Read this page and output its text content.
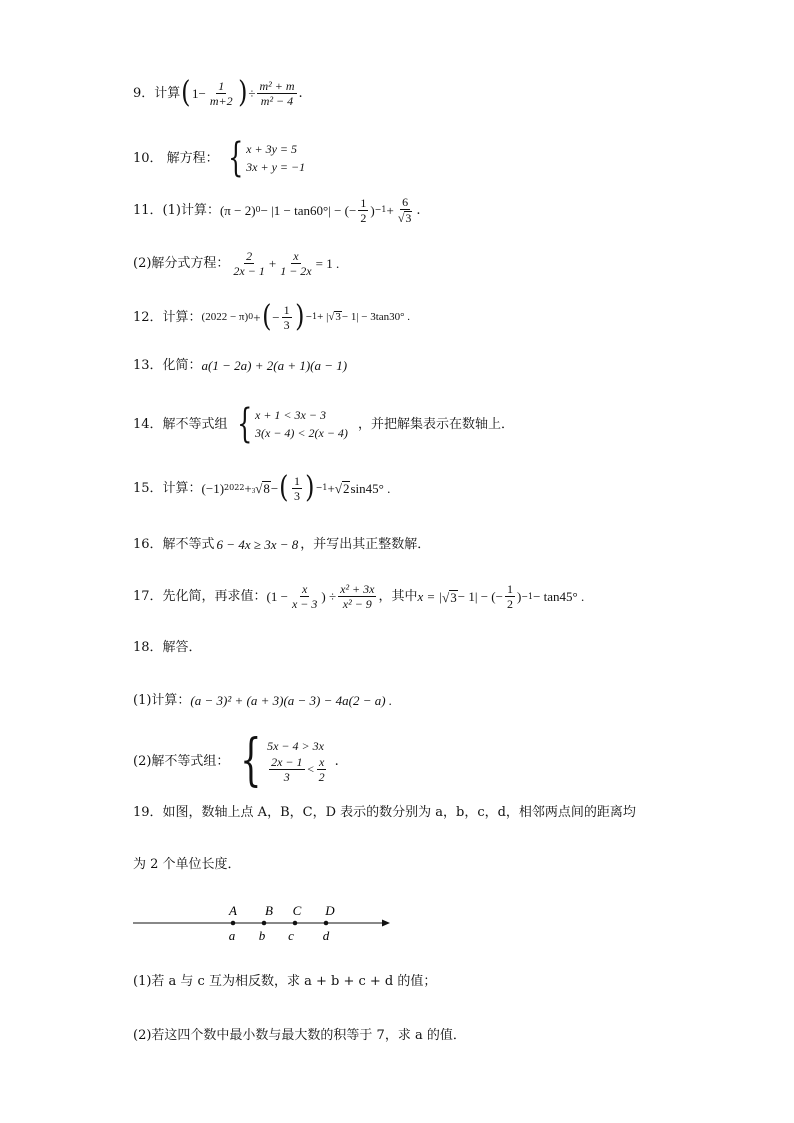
9．计算 ( $1- \frac{1}{m+2}$ ) ÷ $\frac{\text{m² + m}}{\text{m² − 4}}$ .
10． 解方程： { x + 3y = 5
3x + y = −1
11．(1)计算： (π − 2) 0 − |1 − tan60°| − (− $\frac{1}{2}$ ) $-1 + \frac{6}{√ 3}$ .
(2)解分式方程： $\frac{2}{2x - 1} + \frac{x}{1 - 2x} = 1$ .
12．计算： (2022 − π) 0 + ( − $\frac{1}{3}$ ) −1 + | √ 3 − 1| − 3tan30° .
13．化简： a(1 − 2a) + 2(a + 1)(a − 1)
14．解不等式组 { x + 1 < 3x − 3
3(x − 4) < 2(x − 4)
，并把解集表示在数轴上．
15．计算： (−1) 2022 + 3 √ 8 − ( $\frac{1}{3}$ ) −1 + √ 2 sin45° .
16．解不等式 6 − 4x ≥ 3x − 8 ，并写出其正整数解．
17．先化简，再求值： ($1 - \frac{x}{x - 3}$ ) ÷ $\frac{\text{x² + 3x}}{\text{x² − 9}}$ ，其中 x = | √ 3 − 1| − (− $\frac{1}{2}$ ) −1 − tan45° .
18．解答．
(1)计算： (a − 3)² + (a + 3)(a − 3) − 4a(2 − a) .
(2)解不等式组： { 5x − 4 > 3x
$\frac{2x - 1}{3} < \frac{x}{2}$ .
19．如图，数轴上点 A，B，C，D 表示的数分别为 a，b，c，d，相邻两点间的距离均
为 2 个单位长度．
A B C D
a b c d
(1)若 a 与 c 互为相反数，求 a + b + c + d 的值；
(2)若这四个数中最小数与最大数的积等于 7，求 a 的值．
